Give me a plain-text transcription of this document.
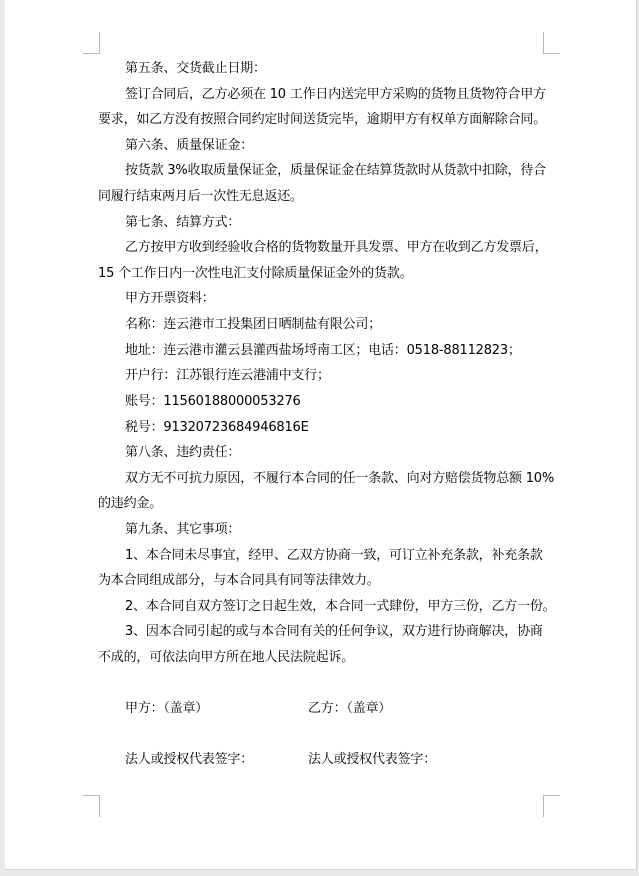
第五条、交货截止日期：
签订合同后，乙方必须在 10 工作日内送完甲方采购的货物且货物符合甲方
要求，如乙方没有按照合同约定时间送货完毕，逾期甲方有权单方面解除合同。
第六条、质量保证金：
按货款 3%收取质量保证金，质量保证金在结算货款时从货款中扣除，待合
同履行结束两月后一次性无息返还。
第七条、结算方式：
乙方按甲方收到经验收合格的货物数量开具发票、甲方在收到乙方发票后，
15 个工作日内一次性电汇支付除质量保证金外的货款。
甲方开票资料：
名称：连云港市工投集团日晒制盐有限公司；
地址：连云港市灌云县灌西盐场埒南工区；电话：0518-88112823；
开户行：江苏银行连云港浦中支行；
账号：11560188000053276
税号：91320723684946816E
第八条、违约责任：
双方无不可抗力原因，不履行本合同的任一条款、向对方赔偿货物总额 10%
的违约金。
第九条、其它事项：
1、本合同未尽事宜，经甲、乙双方协商一致，可订立补充条款，补充条款
为本合同组成部分，与本合同具有同等法律效力。
2、本合同自双方签订之日起生效，本合同一式肆份，甲方三份，乙方一份。
3、因本合同引起的或与本合同有关的任何争议，双方进行协商解决，协商
不成的，可依法向甲方所在地人民法院起诉。
甲方：（盖章）	乙方：（盖章）
法人或授权代表签字：	法人或授权代表签字：
